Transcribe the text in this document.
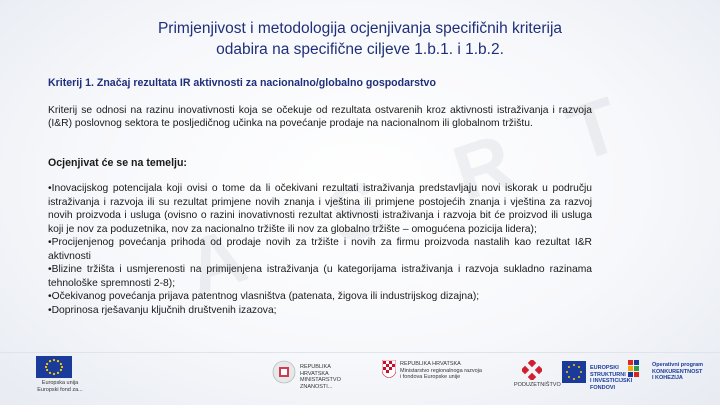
Primjenjivost i metodologija ocjenjivanja specifičnih kriterija
odabira na specifične ciljeve 1.b.1. i 1.b.2.
Kriterij 1. Značaj rezultata IR aktivnosti za nacionalno/globalno gospodarstvo
Kriterij se odnosi na razinu inovativnosti koja se očekuje od rezultata ostvarenih kroz aktivnosti istraživanja i razvoja (I&R) poslovnog sektora te posljedičnog učinka na povećanje prodaje na nacionalnom ili globalnom tržištu.
Ocjenjivat će se na temelju:

•Inovacijskog potencijala koji ovisi o tome da li očekivani rezultati istraživanja predstavljaju novi iskorak u području istraživanja i razvoja ili su rezultat primjene novih znanja i vještina ili primjene postojećih znanja i vještina za razvoj novih proizvoda i usluga (ovisno o razini inovativnosti rezultat aktivnosti istraživanja i razvoja bit će proizvod ili usluga koji je nov za poduzetnika, nov za nacionalno tržište ili nov za globalno tržište – omogućena pozicija lidera);

•Procijenjenog povećanja prihoda od prodaje novih za tržište i novih za firmu proizvoda nastalih kao rezultat I&R aktivnosti

•Blizine tržišta i usmjerenosti na primijenjena istraživanja (u kategorijama istraživanja i razvoja sukladno razinama tehnološke spremnosti 2-8);

•Očekivanog povećanja prijava patentnog vlasništva (patenata, žigova ili industrijskog dizajna);

•Doprinosa rješavanju ključnih društvenih izazova;

Europska unija
Europski fond za...
REPUBLIKA HRVATSKA
MINISTARSTVO ZNANOSTI...
REPUBLIKA HRVATSKA
Ministarstvo regionalnoga razvoja
i fondova Europske unije
PODUZETNIŠTVO
EUROPSKI STRUKTURNI
I INVESTICIJSKI FONDOVI
Operativni program
KONKURENTNOST
I KOHEZIJA
